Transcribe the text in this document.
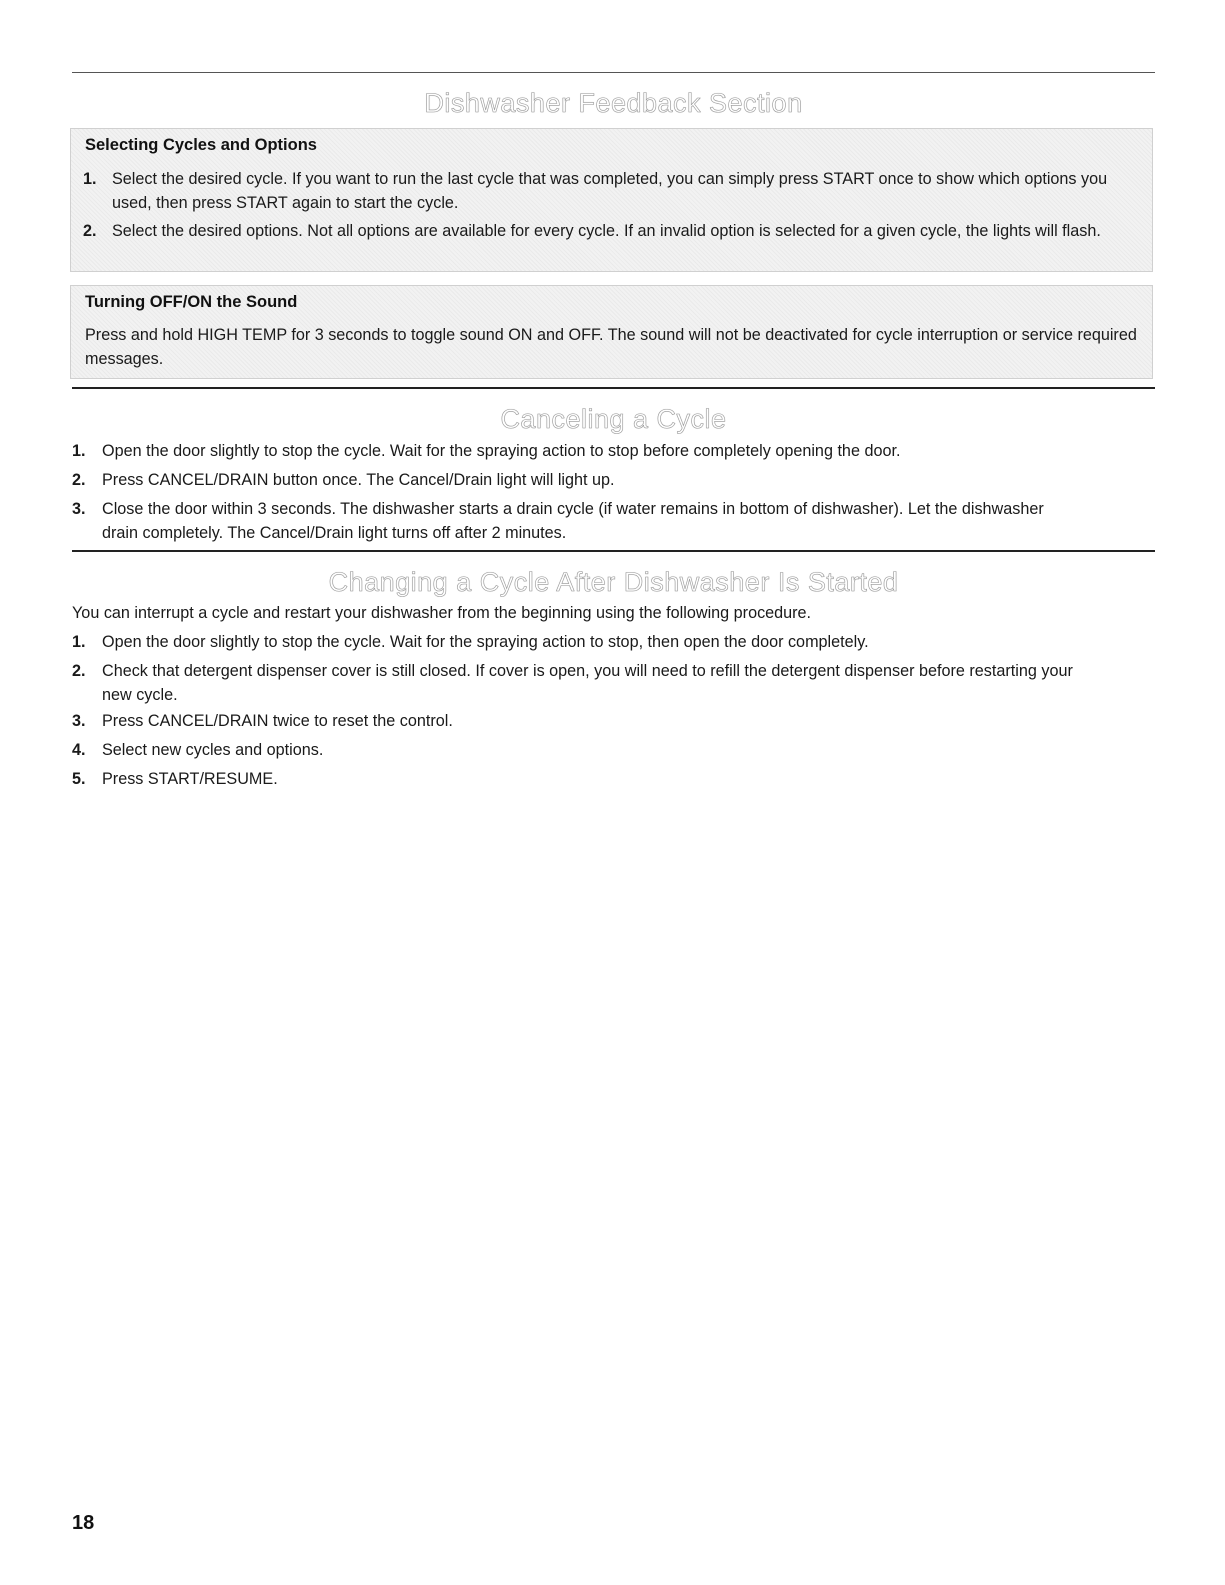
Dishwasher Feedback Section
Selecting Cycles and Options
1. Select the desired cycle. If you want to run the last cycle that was completed, you can simply press START once to show which options you used, then press START again to start the cycle.
2. Select the desired options. Not all options are available for every cycle. If an invalid option is selected for a given cycle, the lights will flash.
Turning OFF/ON the Sound
Press and hold HIGH TEMP for 3 seconds to toggle sound ON and OFF. The sound will not be deactivated for cycle interruption or service required messages.
Canceling a Cycle
1.	Open the door slightly to stop the cycle. Wait for the spraying action to stop before completely opening the door.
2.	Press CANCEL/DRAIN button once. The Cancel/Drain light will light up.
3.	Close the door within 3 seconds. The dishwasher starts a drain cycle (if water remains in bottom of dishwasher). Let the dishwasher drain completely. The Cancel/Drain light turns off after 2 minutes.
Changing a Cycle After Dishwasher Is Started
You can interrupt a cycle and restart your dishwasher from the beginning using the following procedure.
1.	Open the door slightly to stop the cycle. Wait for the spraying action to stop, then open the door completely.
2.	Check that detergent dispenser cover is still closed. If cover is open, you will need to refill the detergent dispenser before restarting your new cycle.
3.	Press CANCEL/DRAIN twice to reset the control.
4.	Select new cycles and options.
5.	Press START/RESUME.
18
